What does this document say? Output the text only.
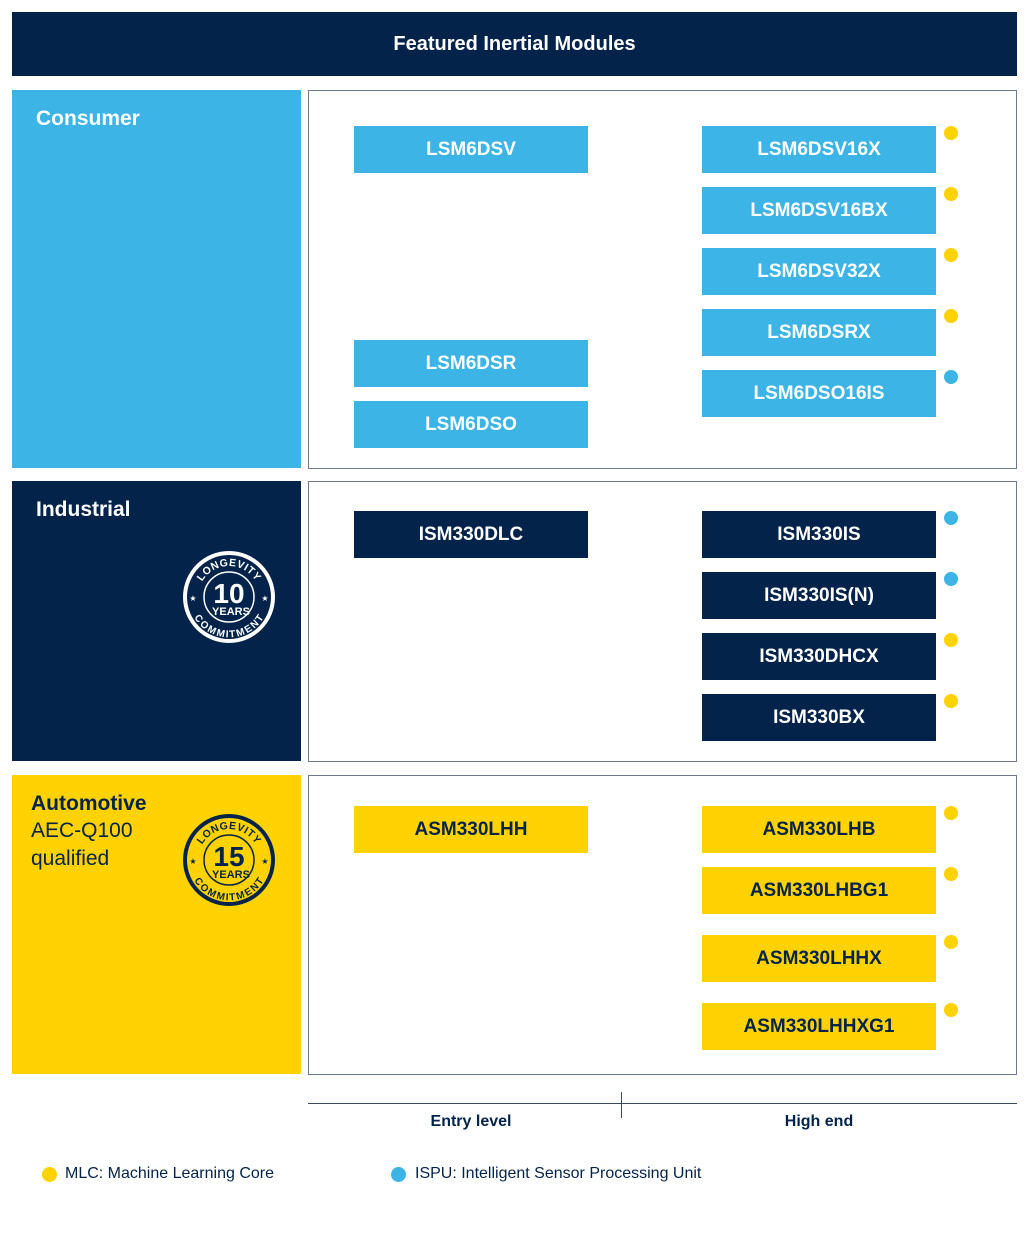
Featured Inertial Modules
Consumer
Industrial
Automotive
AEC-Q100
qualified
LONGEVITY
COMMITMENT
10
YEARS
★	★
LONGEVITY
COMMITMENT
15
YEARS
★	★
LSM6DSV
LSM6DSR
LSM6DSO
LSM6DSV16X
LSM6DSV16BX
LSM6DSV32X
LSM6DSRX
LSM6DSO16IS
ISM330DLC	ISM330IS
ISM330IS(N)
ISM330DHCX
ISM330BX
ASM330LHH	ASM330LHB
ASM330LHBG1
ASM330LHHX
ASM330LHHXG1
Entry level	High end
MLC: Machine Learning Core	ISPU: Intelligent Sensor Processing Unit
